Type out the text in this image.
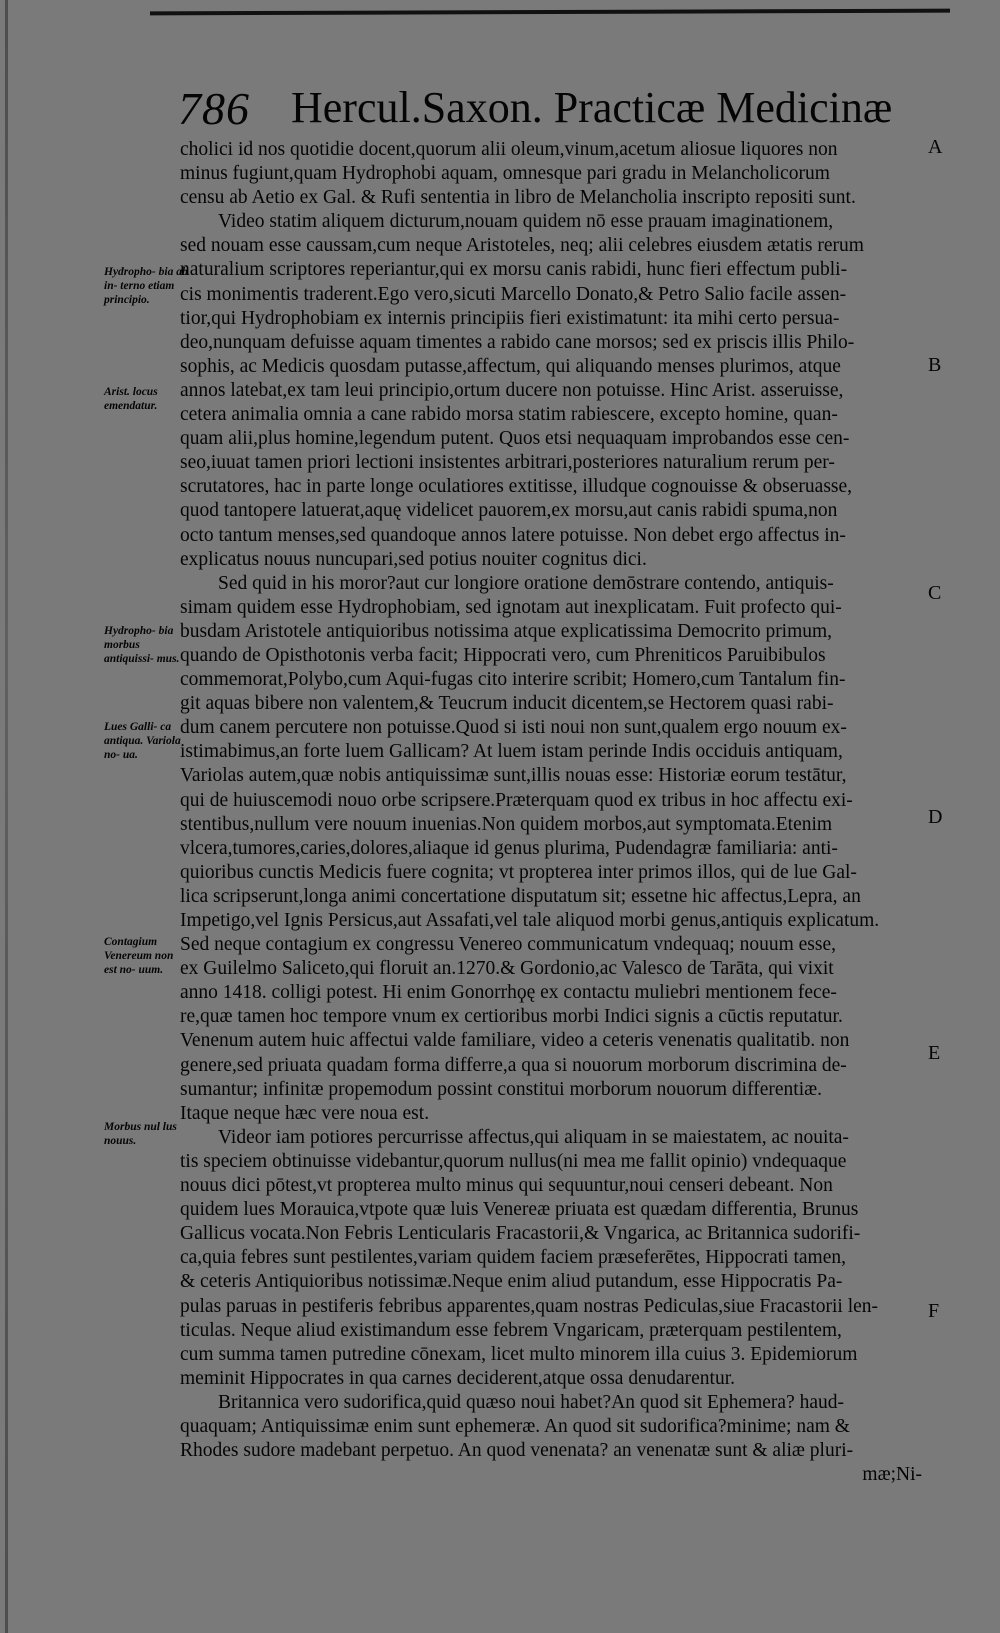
786 Hercul.Saxon. Practicæ Medicinæ
cholici id nos quotidie docent,quorum alii oleum,vinum,acetum aliosue liquores non
minus fugiunt,quam Hydrophobi aquam, omnesque pari gradu in Melancholicorum
censu ab Aetio ex Gal. & Rufi sententia in libro de Melancholia inscripto repositi sunt.
Video statim aliquem dicturum,nouam quidem nō esse prauam imaginationem,
sed nouam esse caussam,cum neque Aristoteles, neq; alii celebres eiusdem ætatis rerum
naturalium scriptores reperiantur,qui ex morsu canis rabidi, hunc fieri effectum publi-
cis monimentis traderent.Ego vero,sicuti Marcello Donato,& Petro Salio facile assen-
tior,qui Hydrophobiam ex internis principiis fieri existimatunt: ita mihi certo persua-
deo,nunquam defuisse aquam timentes a rabido cane morsos; sed ex priscis illis Philo-
sophis, ac Medicis quosdam putasse,affectum, qui aliquando menses plurimos, atque
annos latebat,ex tam leui principio,ortum ducere non potuisse. Hinc Arist. asseruisse,
cetera animalia omnia a cane rabido morsa statim rabiescere, excepto homine, quan-
quam alii,plus homine,legendum putent. Quos etsi nequaquam improbandos esse cen-
seo,iuuat tamen priori lectioni insistentes arbitrari,posteriores naturalium rerum per-
scrutatores, hac in parte longe oculatiores extitisse, illudque cognouisse & obseruasse,
quod tantopere latuerat,aquę videlicet pauorem,ex morsu,aut canis rabidi spuma,non
octo tantum menses,sed quandoque annos latere potuisse. Non debet ergo affectus in-
explicatus nouus nuncupari,sed potius nouiter cognitus dici.
Sed quid in his moror?aut cur longiore oratione demōstrare contendo, antiquis-
simam quidem esse Hydrophobiam, sed ignotam aut inexplicatam. Fuit profecto qui-
busdam Aristotele antiquioribus notissima atque explicatissima Democrito primum,
quando de Opisthotonis verba facit; Hippocrati vero, cum Phreniticos Paruibibulos
commemorat,Polybo,cum Aqui-fugas cito interire scribit; Homero,cum Tantalum fin-
git aquas bibere non valentem,& Teucrum inducit dicentem,se Hectorem quasi rabi-
dum canem percutere non potuisse.Quod si isti noui non sunt,qualem ergo nouum ex-
istimabimus,an forte luem Gallicam? At luem istam perinde Indis occiduis antiquam,
Variolas autem,quæ nobis antiquissimæ sunt,illis nouas esse: Historiæ eorum testātur,
qui de huiuscemodi nouo orbe scripsere.Præterquam quod ex tribus in hoc affectu exi-
stentibus,nullum vere nouum inuenias.Non quidem morbos,aut symptomata.Etenim
vlcera,tumores,caries,dolores,aliaque id genus plurima, Pudendagræ familiaria: anti-
quioribus cunctis Medicis fuere cognita; vt propterea inter primos illos, qui de lue Gal-
lica scripserunt,longa animi concertatione disputatum sit; essetne hic affectus,Lepra, an
Impetigo,vel Ignis Persicus,aut Assafati,vel tale aliquod morbi genus,antiquis explicatum.
Sed neque contagium ex congressu Venereo communicatum vndequaq; nouum esse,
ex Guilelmo Saliceto,qui floruit an.1270.& Gordonio,ac Valesco de Tarāta, qui vixit
anno 1418. colligi potest. Hi enim Gonorrhϙę ex contactu muliebri mentionem fece-
re,quæ tamen hoc tempore vnum ex certioribus morbi Indici signis a cūctis reputatur.
Venenum autem huic affectui valde familiare, video a ceteris venenatis qualitatib. non
genere,sed priuata quadam forma differre,a qua si nouorum morborum discrimina de-
sumantur; infinitæ propemodum possint constitui morborum nouorum differentiæ.
Itaque neque hæc vere noua est.
Videor iam potiores percurrisse affectus,qui aliquam in se maiestatem, ac nouita-
tis speciem obtinuisse videbantur,quorum nullus(ni mea me fallit opinio) vndequaque
nouus dici pōtest,vt propterea multo minus qui sequuntur,noui censeri debeant. Non
quidem lues Morauica,vtpote quæ luis Venereæ priuata est quædam differentia, Brunus
Gallicus vocata.Non Febris Lenticularis Fracastorii,& Vngarica, ac Britannica sudorifi-
ca,quia febres sunt pestilentes,variam quidem faciem præseferētes, Hippocrati tamen,
& ceteris Antiquioribus notissimæ.Neque enim aliud putandum, esse Hippocratis Pa-
pulas paruas in pestiferis febribus apparentes,quam nostras Pediculas,siue Fracastorii len-
ticulas. Neque aliud existimandum esse febrem Vngaricam, præterquam pestilentem,
cum summa tamen putredine cōnexam, licet multo minorem illa cuius 3. Epidemiorum
meminit Hippocrates in qua carnes deciderent,atque ossa denudarentur.
Britannica vero sudorifica,quid quæso noui habet?An quod sit Ephemera? haud-
quaquam; Antiquissimæ enim sunt ephemeræ. An quod sit sudorifica?minime; nam &
Rhodes sudore madebant perpetuo. An quod venenata? an venenatæ sunt & aliæ pluri-
mæ;Ni-
Hydropho- bia ab in- terno etiam principio.
Arist. locus emendatur.
Hydropho- bia morbus antiquissi- mus.
Lues Galli- ca antiqua. Variola no- ua.
Contagium Venereum non est no- uum.
Morbus nul lus nouus.
A
B
C
D
E
F
